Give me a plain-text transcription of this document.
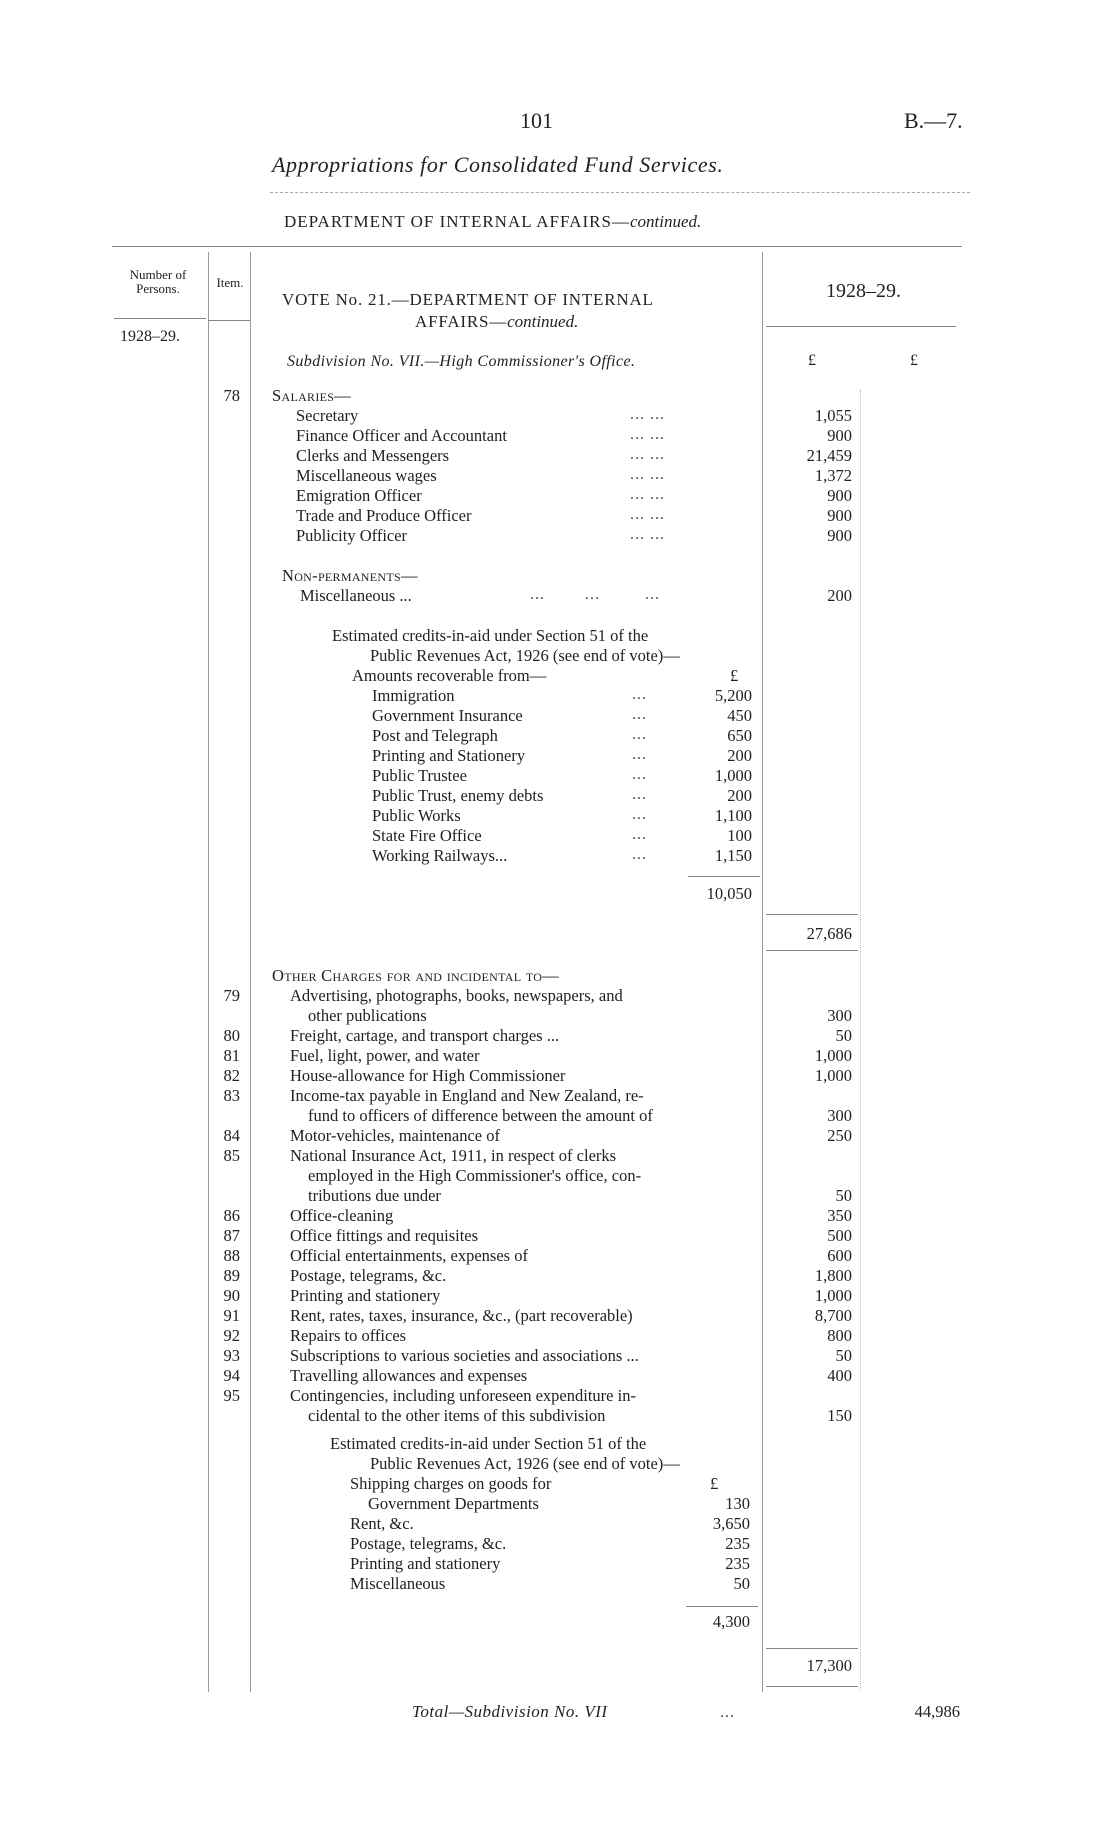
101	B.—7.
Appropriations for Consolidated Fund Services.
DEPARTMENT OF INTERNAL AFFAIRS—continued.
Number of Persons.	Item.
1928–29.
VOTE No. 21.—DEPARTMENT OF INTERNAL
AFFAIRS—continued.
1928–29.
Subdivision No. VII.—High Commissioner's Office.	£	£
78 Salaries—
Secretary	... ...	1,055
Finance Officer and Accountant	... ...	900
Clerks and Messengers	... ...	21,459
Miscellaneous wages	... ...	1,372
Emigration Officer	... ...	900
Trade and Produce Officer	... ...	900
Publicity Officer	... ...	900
Non-permanents—
Miscellaneous ...	...        ...         ...	200
Estimated credits-in-aid under Section 51 of the
Public Revenues Act, 1926 (see end of vote)—
Amounts recoverable from—	£
Immigration	...	5,200
Government Insurance	...	450
Post and Telegraph	...	650
Printing and Stationery	...	200
Public Trustee	...	1,000
Public Trust, enemy debts	...	200
Public Works	...	1,100
State Fire Office	...	100
Working Railways...	...	1,150
10,050
27,686
Other Charges for and incidental to—
79	Advertising, photographs, books, newspapers, and
other publications	300
80	Freight, cartage, and transport charges ...	50
81	Fuel, light, power, and water	1,000
82	House-allowance for High Commissioner	1,000
83	Income-tax payable in England and New Zealand, re-
fund to officers of difference between the amount of	300
84	Motor-vehicles, maintenance of	250
85	National Insurance Act, 1911, in respect of clerks
employed in the High Commissioner's office, con-
tributions due under	50
86	Office-cleaning	350
87	Office fittings and requisites	500
88	Official entertainments, expenses of	600
89	Postage, telegrams, &c.	1,800
90	Printing and stationery	1,000
91	Rent, rates, taxes, insurance, &c., (part recoverable)	8,700
92	Repairs to offices	800
93	Subscriptions to various societies and associations ...	50
94	Travelling allowances and expenses	400
95	Contingencies, including unforeseen expenditure in-
cidental to the other items of this subdivision	150
Estimated credits-in-aid under Section 51 of the
Public Revenues Act, 1926 (see end of vote)—
£
Shipping charges on goods for
Government Departments	130
Rent, &c.	3,650
Postage, telegrams, &c.	235
Printing and stationery	235
Miscellaneous	50
4,300
17,300
Total—Subdivision No. VII	...	44,986
